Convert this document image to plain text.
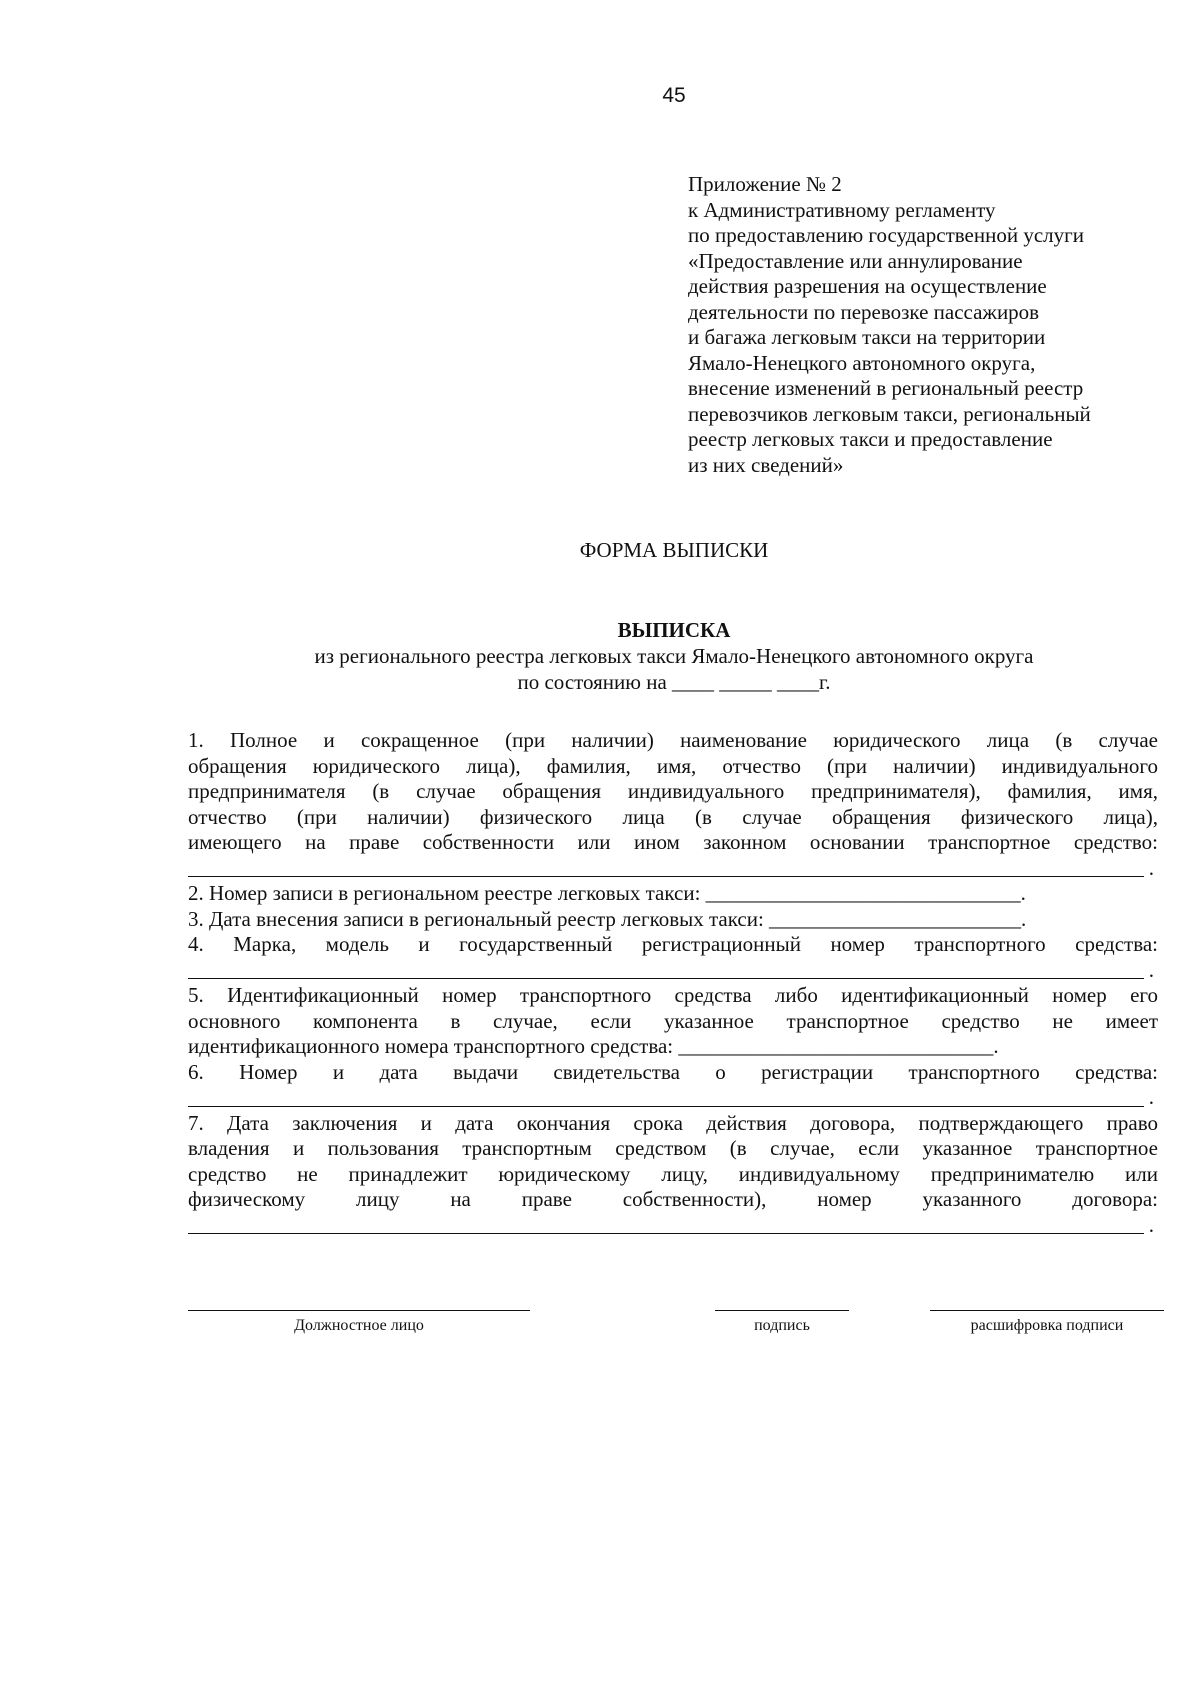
45
Приложение № 2
к Административному регламенту
по предоставлению государственной услуги
«Предоставление или аннулирование
действия разрешения на осуществление
деятельности по перевозке пассажиров
и багажа легковым такси на территории
Ямало-Ненецкого автономного округа,
внесение изменений в региональный реестр
перевозчиков легковым такси, региональный
реестр легковых такси и предоставление
из них сведений»
ФОРМА ВЫПИСКИ
ВЫПИСКА
из регионального реестра легковых такси Ямало-Ненецкого автономного округа
по состоянию на ____ _____ ____г.
1. Полное и сокращенное (при наличии) наименование юридического лица (в случае
обращения юридического лица), фамилия, имя, отчество (при наличии) индивидуального
предпринимателя (в случае обращения индивидуального предпринимателя), фамилия, имя,
отчество (при наличии) физического лица (в случае обращения физического лица),
имеющего на праве собственности или ином законном основании транспортное средство:
.
2. Номер записи в региональном реестре легковых такси: ______________________________.
3. Дата внесения записи в региональный реестр легковых такси: ________________________.
4. Марка, модель и государственный регистрационный номер транспортного средства:
.
5. Идентификационный номер транспортного средства либо идентификационный номер его
основного компонента в случае, если указанное транспортное средство не имеет
идентификационного номера транспортного средства: ______________________________.
6. Номер и дата выдачи свидетельства о регистрации транспортного средства:
.
7. Дата заключения и дата окончания срока действия договора, подтверждающего право
владения и пользования транспортным средством (в случае, если указанное транспортное
средство не принадлежит юридическому лицу, индивидуальному предпринимателю или
физическому лицу на праве собственности), номер указанного договора:
.
Должностное лицо	подпись	расшифровка подписи
